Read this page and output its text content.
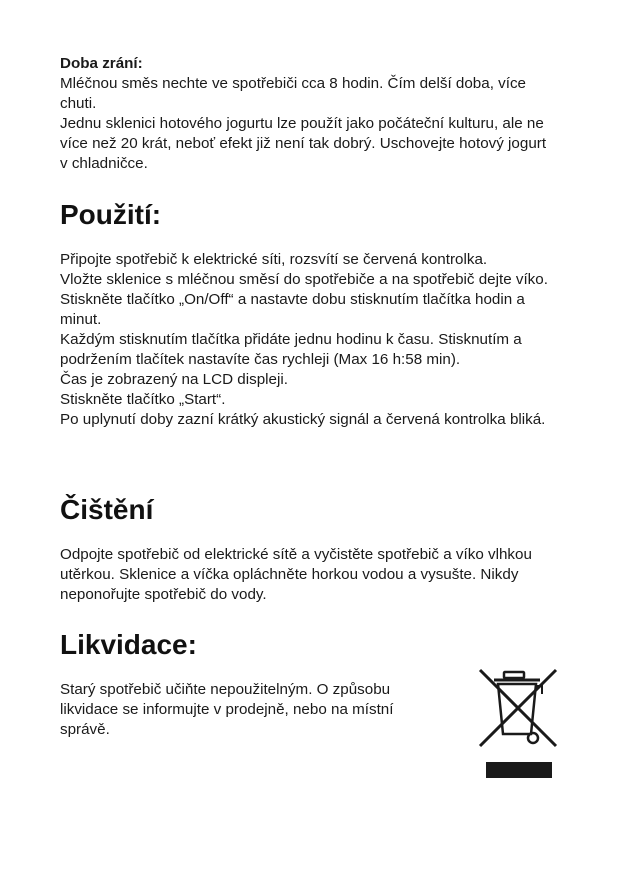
Doba zrání:

Mléčnou směs nechte ve spotřebiči cca 8 hodin. Čím delší doba, více chuti.

Jednu sklenici hotového jogurtu lze použít jako počáteční kulturu, ale ne více než 20 krát, neboť efekt již není tak dobrý. Uschovejte hotový jogurt v chladničce.

Použití:

Připojte spotřebič k elektrické síti, rozsvítí se červená kontrolka.

Vložte sklenice s mléčnou směsí do spotřebiče a na spotřebič dejte víko.

Stiskněte tlačítko „On/Off“ a nastavte dobu stisknutím tlačítka hodin a minut.

Každým stisknutím tlačítka přidáte jednu hodinu k času. Stisknutím a podržením tlačítek nastavíte čas rychleji (Max 16 h:58 min).

Čas je zobrazený na LCD displeji.

Stiskněte tlačítko „Start“.

Po uplynutí doby zazní krátký akustický signál a červená kontrolka bliká.

Čištění

Odpojte spotřebič od elektrické sítě a vyčistěte spotřebič a víko vlhkou utěrkou. Sklenice a víčka opláchněte horkou vodou a vysušte. Nikdy neponořujte spotřebič do vody.

Likvidace:

Starý spotřebič učiňte nepoužitelným. O způsobu likvidace se informujte v prodejně, nebo na místní správě.
